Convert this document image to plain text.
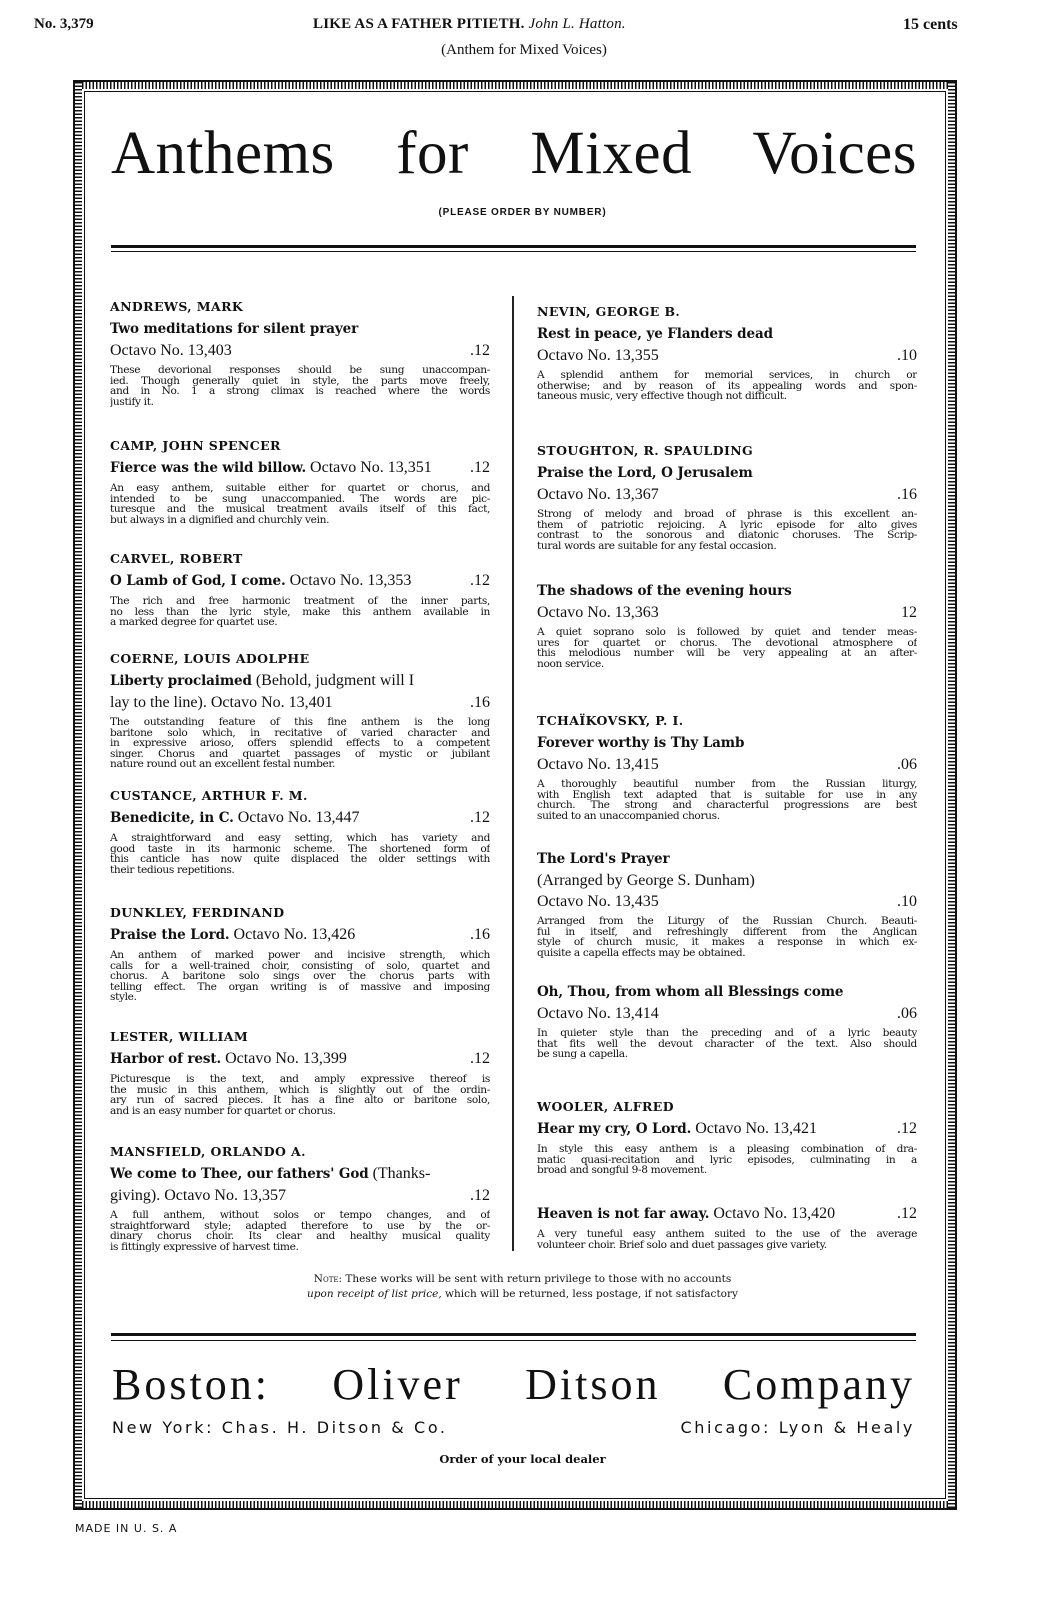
No. 3,379	LIKE AS A FATHER PITIETH. John L. Hatton.	15 cents
(Anthem for Mixed Voices)
Anthems for Mixed Voices
(PLEASE ORDER BY NUMBER)
ANDREWS, MARK
Two meditations for silent prayer
Octavo No. 13,403	.12
These devorional responses should be sung unaccompan-
ied. Though generally quiet in style, the parts move freely,
and in No. 1 a strong climax is reached where the words
justify it.
CAMP, JOHN SPENCER
Fierce was the wild billow. Octavo No. 13,351 .12
An easy anthem, suitable either for quartet or chorus, and
intended to be sung unaccompanied. The words are pic-
turesque and the musical treatment avails itself of this fact,
but always in a dignified and churchly vein.
CARVEL, ROBERT
O Lamb of God, I come. Octavo No. 13,353	.12
The rich and free harmonic treatment of the inner parts,
no less than the lyric style, make this anthem available in
a marked degree for quartet use.
COERNE, LOUIS ADOLPHE
Liberty proclaimed (Behold, judgment will I
lay to the line). Octavo No. 13,401	.16
The outstanding feature of this fine anthem is the long
baritone solo which, in recitative of varied character and
in expressive arioso, offers splendid effects to a competent
singer. Chorus and quartet passages of mystic or jubilant
nature round out an excellent festal number.
CUSTANCE, ARTHUR F. M.
Benedicite, in C. Octavo No. 13,447	.12
A straightforward and easy setting, which has variety and
good taste in its harmonic scheme. The shortened form of
this canticle has now quite displaced the older settings with
their tedious repetitions.
DUNKLEY, FERDINAND
Praise the Lord. Octavo No. 13,426	.16
An anthem of marked power and incisive strength, which
calls for a well-trained choir, consisting of solo, quartet and
chorus. A baritone solo sings over the chorus parts with
telling effect. The organ writing is of massive and imposing
style.
LESTER, WILLIAM
Harbor of rest. Octavo No. 13,399	.12
Picturesque is the text, and amply expressive thereof is
the music in this anthem, which is slightly out of the ordin-
ary run of sacred pieces. It has a fine alto or baritone solo,
and is an easy number for quartet or chorus.
MANSFIELD, ORLANDO A.
We come to Thee, our fathers' God (Thanks-
giving). Octavo No. 13,357	.12
A full anthem, without solos or tempo changes, and of
straightforward style; adapted therefore to use by the or-
dinary chorus choir. Its clear and healthy musical quality
is fittingly expressive of harvest time.
NEVIN, GEORGE B.
Rest in peace, ye Flanders dead
Octavo No. 13,355	.10
A splendid anthem for memorial services, in church or
otherwise; and by reason of its appealing words and spon-
taneous music, very effective though not difficult.
STOUGHTON, R. SPAULDING
Praise the Lord, O Jerusalem
Octavo No. 13,367	.16
Strong of melody and broad of phrase is this excellent an-
them of patriotic rejoicing. A lyric episode for alto gives
contrast to the sonorous and diatonic choruses. The Scrip-
tural words are suitable for any festal occasion.
The shadows of the evening hours
Octavo No. 13,363	12
A quiet soprano solo is followed by quiet and tender meas-
ures for quartet or chorus. The devotional atmosphere of
this melodious number will be very appealing at an after-
noon service.
TCHAÏKOVSKY, P. I.
Forever worthy is Thy Lamb
Octavo No. 13,415	.06
A thoroughly beautiful number from the Russian liturgy,
with English text adapted that is suitable for use in any
church. The strong and characterful progressions are best
suited to an unaccompanied chorus.
The Lord's Prayer
(Arranged by George S. Dunham)
Octavo No. 13,435	.10
Arranged from the Liturgy of the Russian Church. Beauti-
ful in itself, and refreshingly different from the Anglican
style of church music, it makes a response in which ex-
quisite a capella effects may be obtained.
Oh, Thou, from whom all Blessings come
Octavo No. 13,414	.06
In quieter style than the preceding and of a lyric beauty
that fits well the devout character of the text. Also should
be sung a capella.
WOOLER, ALFRED
Hear my cry, O Lord. Octavo No. 13,421	.12
In style this easy anthem is a pleasing combination of dra-
matic quasi-recitation and lyric episodes, culminating in a
broad and songful 9-8 movement.
Heaven is not far away. Octavo No. 13,420	.12
A very tuneful easy anthem suited to the use of the average
volunteer choir. Brief solo and duet passages give variety.
Note: These works will be sent with return privilege to those with no accounts
upon receipt of list price, which will be returned, less postage, if not satisfactory
Boston: Oliver Ditson Company
New York: Chas. H. Ditson & Co.	Chicago: Lyon & Healy
Order of your local dealer
MADE IN U. S. A
